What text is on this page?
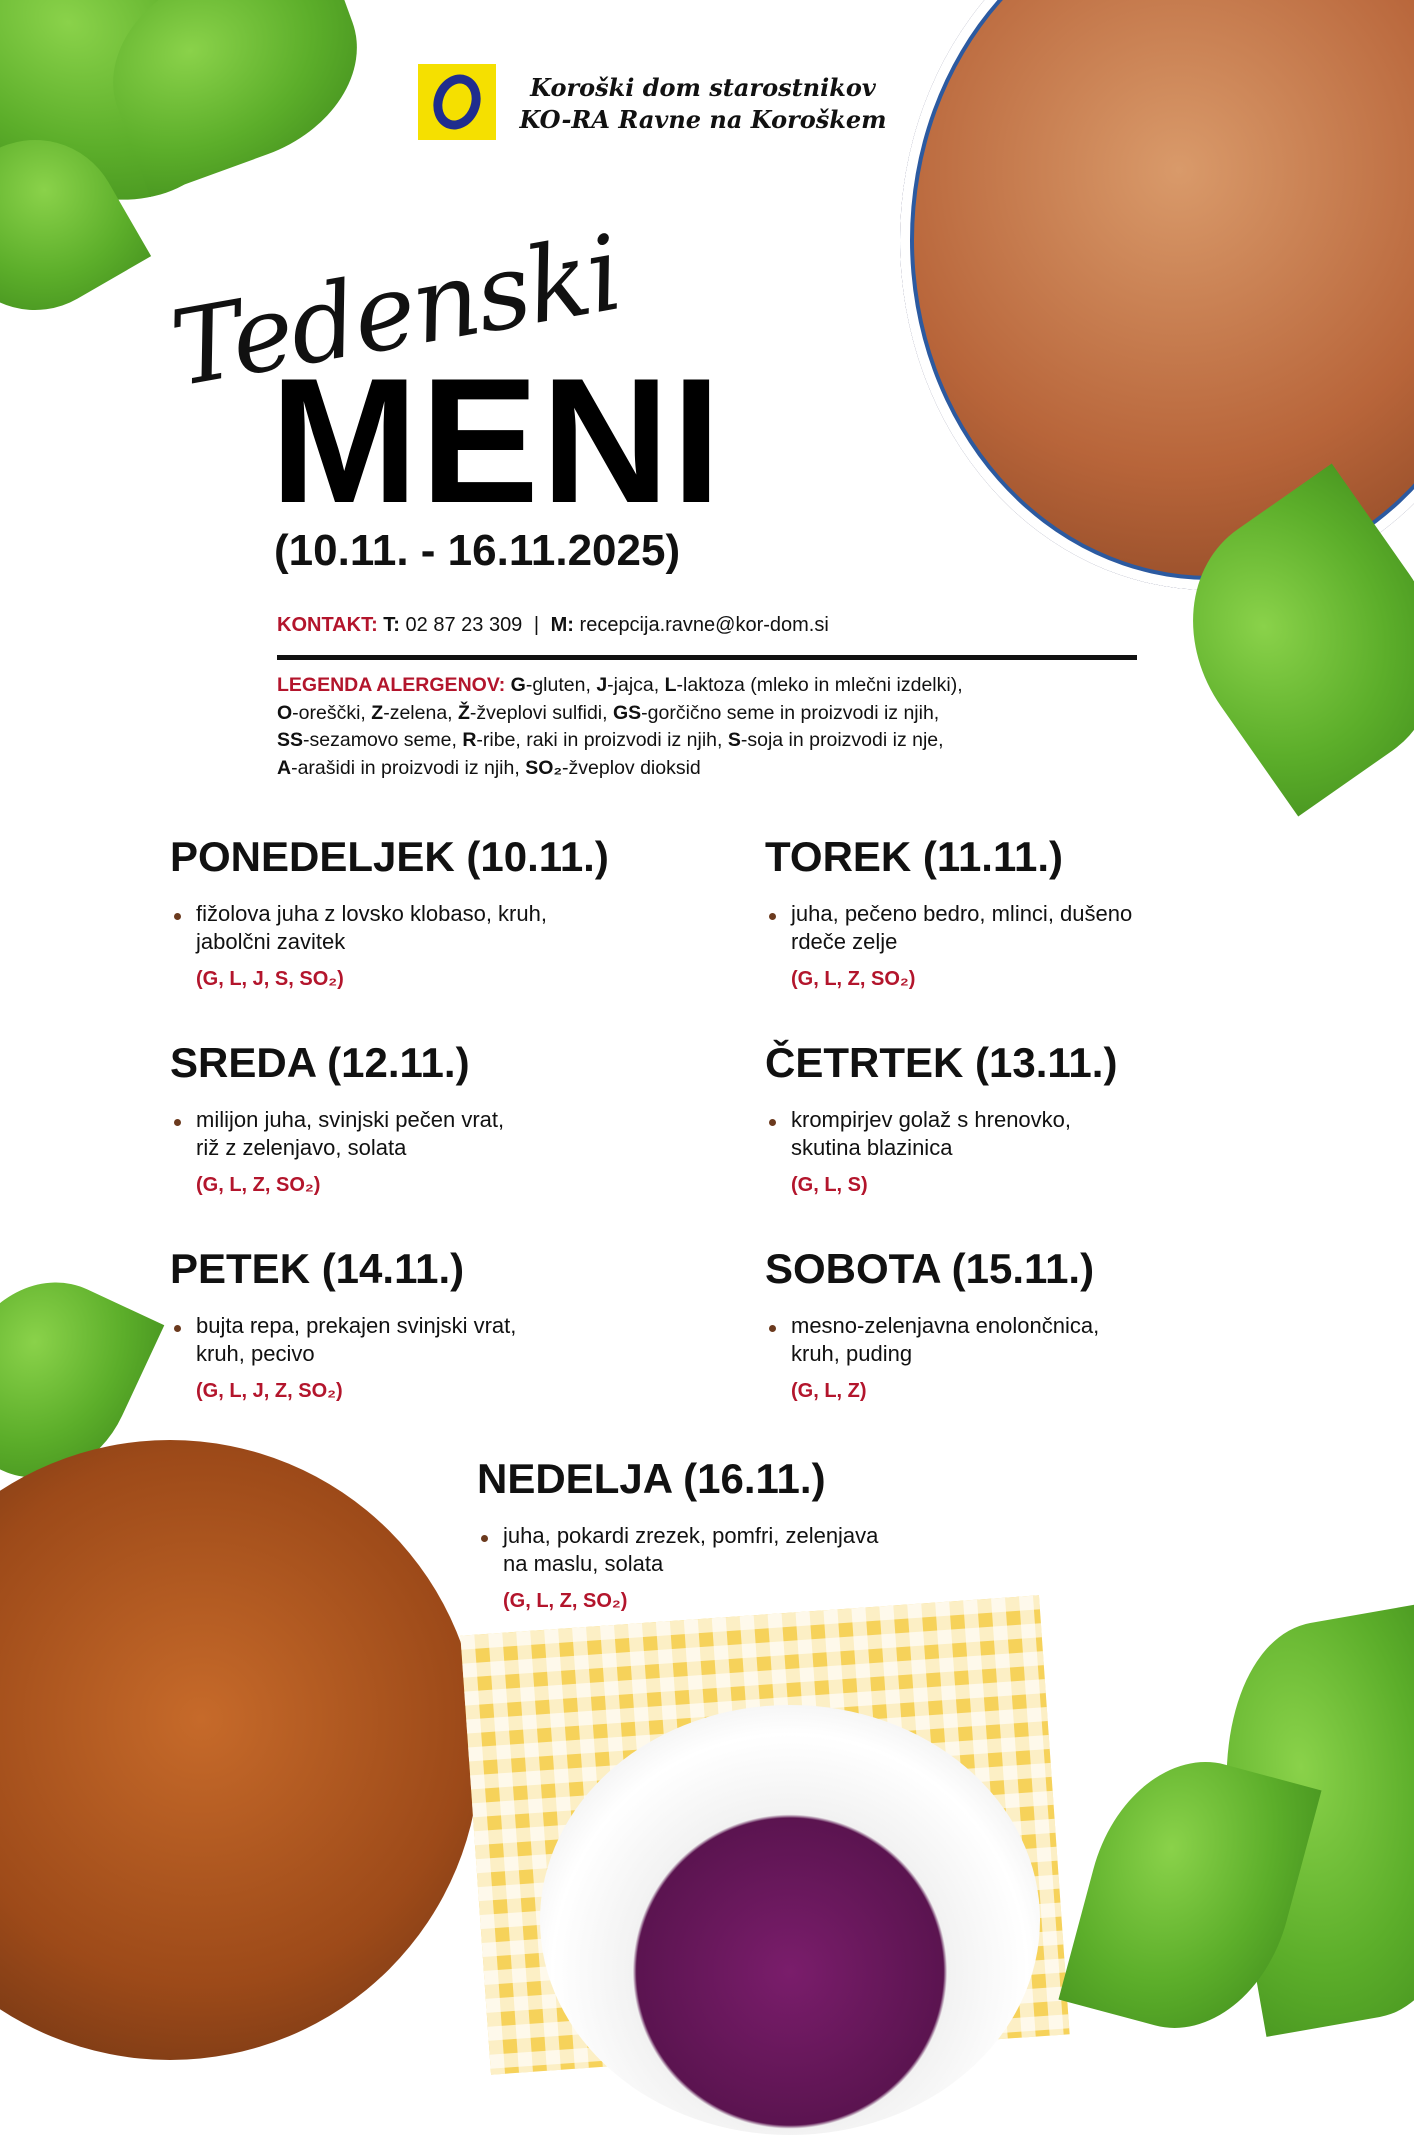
Koroški dom starostnikov
KO-RA Ravne na Koroškem
Tedenski
MENI
(10.11. - 16.11.2025)
KONTAKT: T: 02 87 23 309 | M: recepcija.ravne@kor-dom.si
LEGENDA ALERGENOV: G-gluten, J-jajca, L-laktoza (mleko in mlečni izdelki),
O-oreščki, Z-zelena, Ž-žveplovi sulfidi, GS-gorčično seme in proizvodi iz njih,
SS-sezamovo seme, R-ribe, raki in proizvodi iz njih, S-soja in proizvodi iz nje,
A-arašidi in proizvodi iz njih, SO₂-žveplov dioksid
PONEDELJEK (10.11.)
fižolova juha z lovsko klobaso, kruh,
jabolčni zavitek
(G, L, J, S, SO₂)
TOREK (11.11.)
juha, pečeno bedro, mlinci, dušeno
rdeče zelje
(G, L, Z, SO₂)
SREDA (12.11.)
milijon juha, svinjski pečen vrat,
riž z zelenjavo, solata
(G, L, Z, SO₂)
ČETRTEK (13.11.)
krompirjev golaž s hrenovko,
skutina blazinica
(G, L, S)
PETEK (14.11.)
bujta repa, prekajen svinjski vrat,
kruh, pecivo
(G, L, J, Z, SO₂)
SOBOTA (15.11.)
mesno-zelenjavna enolončnica,
kruh, puding
(G, L, Z)
NEDELJA (16.11.)
juha, pokardi zrezek, pomfri, zelenjava
na maslu, solata
(G, L, Z, SO₂)
